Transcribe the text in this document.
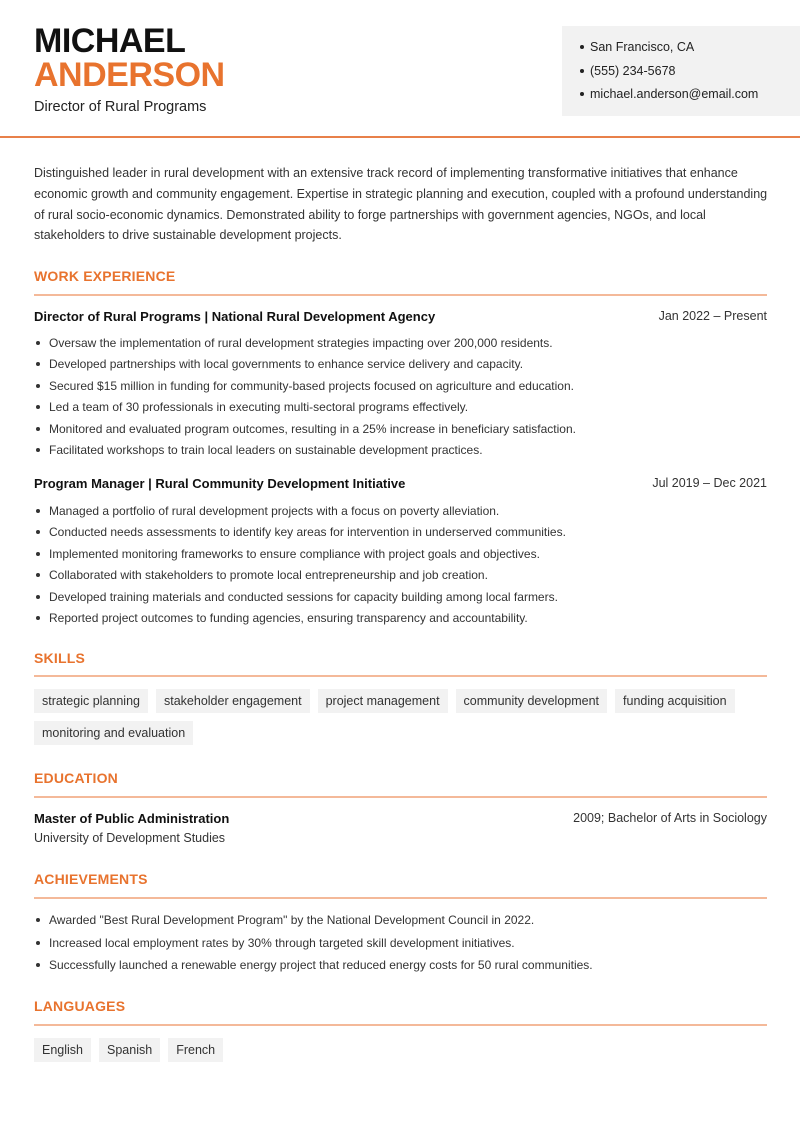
MICHAEL
ANDERSON
Director of Rural Programs
San Francisco, CA
(555) 234-5678
michael.anderson@email.com

Distinguished leader in rural development with an extensive track record of implementing transformative initiatives that enhance economic growth and community engagement. Expertise in strategic planning and execution, coupled with a profound understanding of rural socio-economic dynamics. Demonstrated ability to forge partnerships with government agencies, NGOs, and local stakeholders to drive sustainable development projects.

WORK EXPERIENCE
Director of Rural Programs | National Rural Development Agency	Jan 2022 – Present
Oversaw the implementation of rural development strategies impacting over 200,000 residents.
Developed partnerships with local governments to enhance service delivery and capacity.
Secured $15 million in funding for community-based projects focused on agriculture and education.
Led a team of 30 professionals in executing multi-sectoral programs effectively.
Monitored and evaluated program outcomes, resulting in a 25% increase in beneficiary satisfaction.
Facilitated workshops to train local leaders on sustainable development practices.
Program Manager | Rural Community Development Initiative	Jul 2019 – Dec 2021
Managed a portfolio of rural development projects with a focus on poverty alleviation.
Conducted needs assessments to identify key areas for intervention in underserved communities.
Implemented monitoring frameworks to ensure compliance with project goals and objectives.
Collaborated with stakeholders to promote local entrepreneurship and job creation.
Developed training materials and conducted sessions for capacity building among local farmers.
Reported project outcomes to funding agencies, ensuring transparency and accountability.
SKILLS
strategic planning	stakeholder engagement	project management	community development	funding acquisition
monitoring and evaluation
EDUCATION
Master of Public Administration	2009; Bachelor of Arts in Sociology
University of Development Studies
ACHIEVEMENTS
Awarded "Best Rural Development Program" by the National Development Council in 2022.
Increased local employment rates by 30% through targeted skill development initiatives.
Successfully launched a renewable energy project that reduced energy costs for 50 rural communities.
LANGUAGES
English	Spanish	French
